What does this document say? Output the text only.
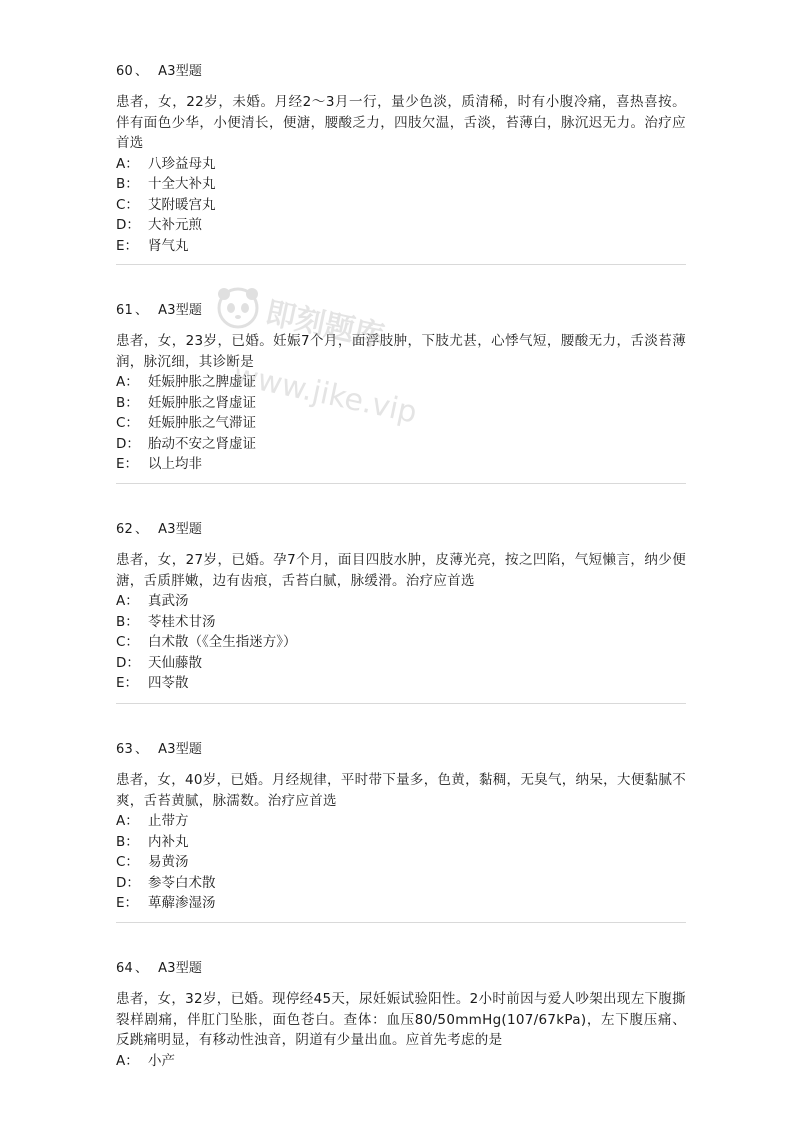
60 、 A3型题

患者，女，22岁，未婚。月经2～3月一行，量少色淡，质清稀，时有小腹冷痛，喜热喜按。伴有面色少华，小便清长，便溏，腰酸乏力，四肢欠温，舌淡，苔薄白，脉沉迟无力。治疗应首选

A： 八珍益母丸
B： 十全大补丸
C： 艾附暖宫丸
D： 大补元煎
E： 肾气丸
61 、 A3型题

患者，女，23岁，已婚。妊娠7个月，面浮肢肿，下肢尤甚，心悸气短，腰酸无力，舌淡苔薄润，脉沉细，其诊断是

A： 妊娠肿胀之脾虚证
B： 妊娠肿胀之肾虚证
C： 妊娠肿胀之气滞证
D： 胎动不安之肾虚证
E： 以上均非
62 、 A3型题

患者，女，27岁，已婚。孕7个月，面目四肢水肿，皮薄光亮，按之凹陷，气短懒言，纳少便溏，舌质胖嫩，边有齿痕，舌苔白腻，脉缓滑。治疗应首选

A： 真武汤
B： 苓桂术甘汤
C： 白术散（《全生指迷方》）
D： 天仙藤散
E： 四苓散
63 、 A3型题

患者，女，40岁，已婚。月经规律，平时带下量多，色黄，黏稠，无臭气，纳呆，大便黏腻不爽，舌苔黄腻，脉濡数。治疗应首选

A： 止带方
B： 内补丸
C： 易黄汤
D： 参苓白术散
E： 萆薢渗湿汤
64 、 A3型题

患者，女，32岁，已婚。现停经45天，尿妊娠试验阳性。2小时前因与爱人吵架出现左下腹撕裂样剧痛，伴肛门坠胀，面色苍白。查体：血压80/50mmHg(107/67kPa)，左下腹压痛、反跳痛明显，有移动性浊音，阴道有少量出血。应首先考虑的是

A： 小产
即刻题库
www.jike.vip
